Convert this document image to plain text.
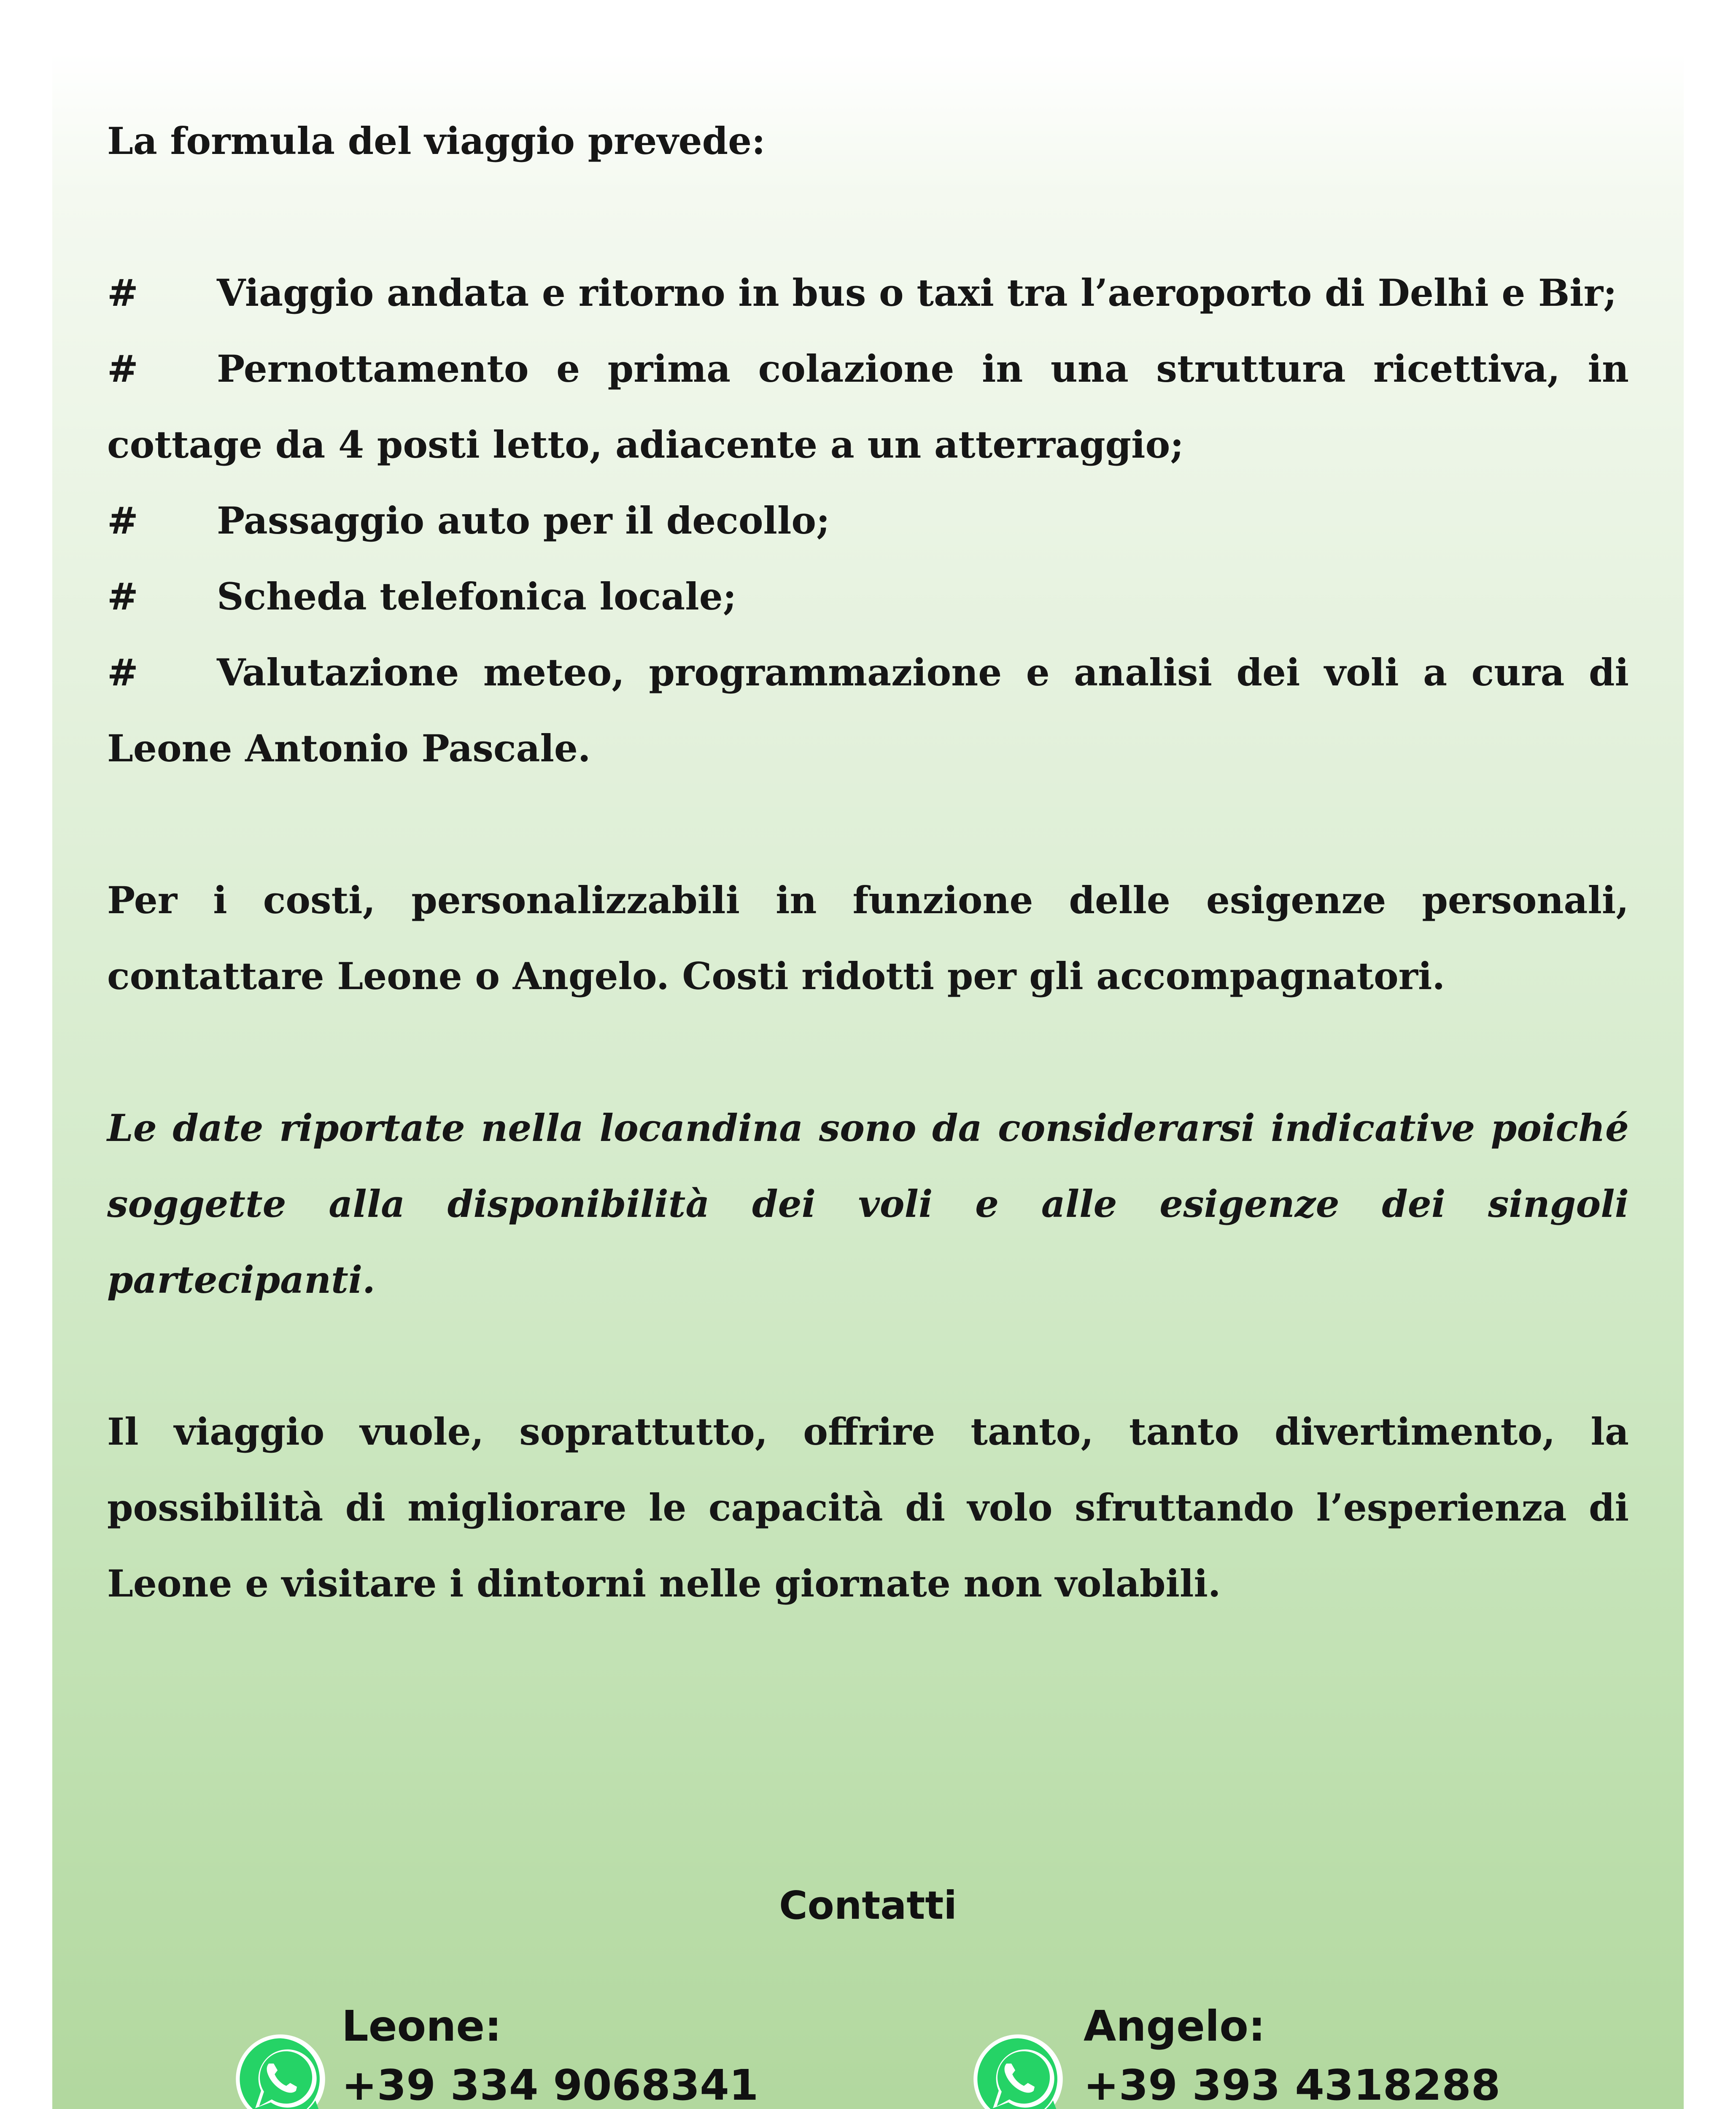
La formula del viaggio prevede:

# Viaggio andata e ritorno in bus o taxi tra l’aeroporto di Delhi e Bir;

# Pernottamento e prima colazione in una struttura ricettiva, in cottage da 4 posti letto, adiacente a un atterraggio;

# Passaggio auto per il decollo;

# Scheda telefonica locale;

# Valutazione meteo, programmazione e analisi dei voli a cura di Leone Antonio Pascale.

Per i costi, personalizzabili in funzione delle esigenze personali, contattare Leone o Angelo. Costi ridotti per gli accompagnatori.

Le date riportate nella locandina sono da considerarsi indicative poiché soggette alla disponibilità dei voli e alle esigenze dei singoli partecipanti.

Il viaggio vuole, soprattutto, offrire tanto, tanto divertimento, la possibilità di migliorare le capacità di volo sfruttando l’esperienza di Leone e visitare i dintorni nelle giornate non volabili.

Contatti
Leone:
+39 334 9068341
Angelo:
+39 393 4318288
